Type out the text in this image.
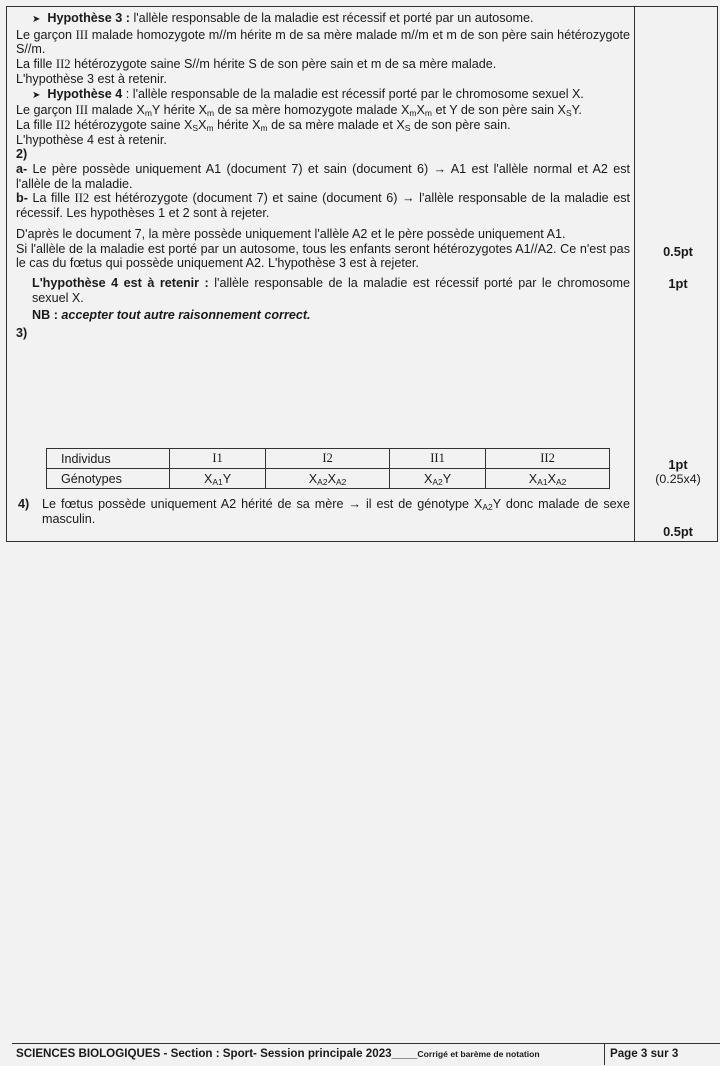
➤ Hypothèse 3 : l'allèle responsable de la maladie est récessif et porté par un autosome.

Le garçon III malade homozygote m//m hérite m de sa mère malade m//m et m de son père sain hétérozygote S//m.

La fille II2 hétérozygote saine S//m hérite S de son père sain et m de sa mère malade.

L'hypothèse 3 est à retenir.

➤ Hypothèse 4 : l'allèle responsable de la maladie est récessif porté par le chromosome sexuel X.

Le garçon III malade $X_mY$ hérite $X_m$ de sa mère homozygote malade $X_mX_m$ et Y de son père sain $X_SY$.

La fille II2 hétérozygote saine $X_SX_m$ hérite $X_m$ de sa mère malade et $X_S$ de son père sain.

L'hypothèse 4 est à retenir.

2)

a- Le père possède uniquement A1 (document 7) et sain (document 6) → A1 est l'allèle normal et A2 est l'allèle de la maladie.

b- La fille II2 est hétérozygote (document 7) et saine (document 6) → l'allèle responsable de la maladie est récessif. Les hypothèses 1 et 2 sont à rejeter.

D'après le document 7, la mère possède uniquement l'allèle A2 et le père possède uniquement A1.

Si l'allèle de la maladie est porté par un autosome, tous les enfants seront hétérozygotes A1//A2. Ce n'est pas le cas du fœtus qui possède uniquement A2. L'hypothèse 3 est à rejeter.

L'hypothèse 4 est à retenir : l'allèle responsable de la maladie est récessif porté par le chromosome sexuel X.

NB : accepter tout autre raisonnement correct.

3)

Individus	I1	I2	II1	II2
Génotypes	$X_{A1}Y$	$X_{A2}X_{A2}$	$X_{A2}Y$	$X_{A1}X_{A2}$
4)	Le fœtus possède uniquement A2 hérité de sa mère → il est de génotype $X_{A2}Y$ donc malade de sexe masculin.

0.5pt
1pt
1pt
(0.25x4)
0.5pt
SCIENCES BIOLOGIQUES - Section : Sport- Session principale 2023____Corrigé et barème de notation	Page 3 sur 3
